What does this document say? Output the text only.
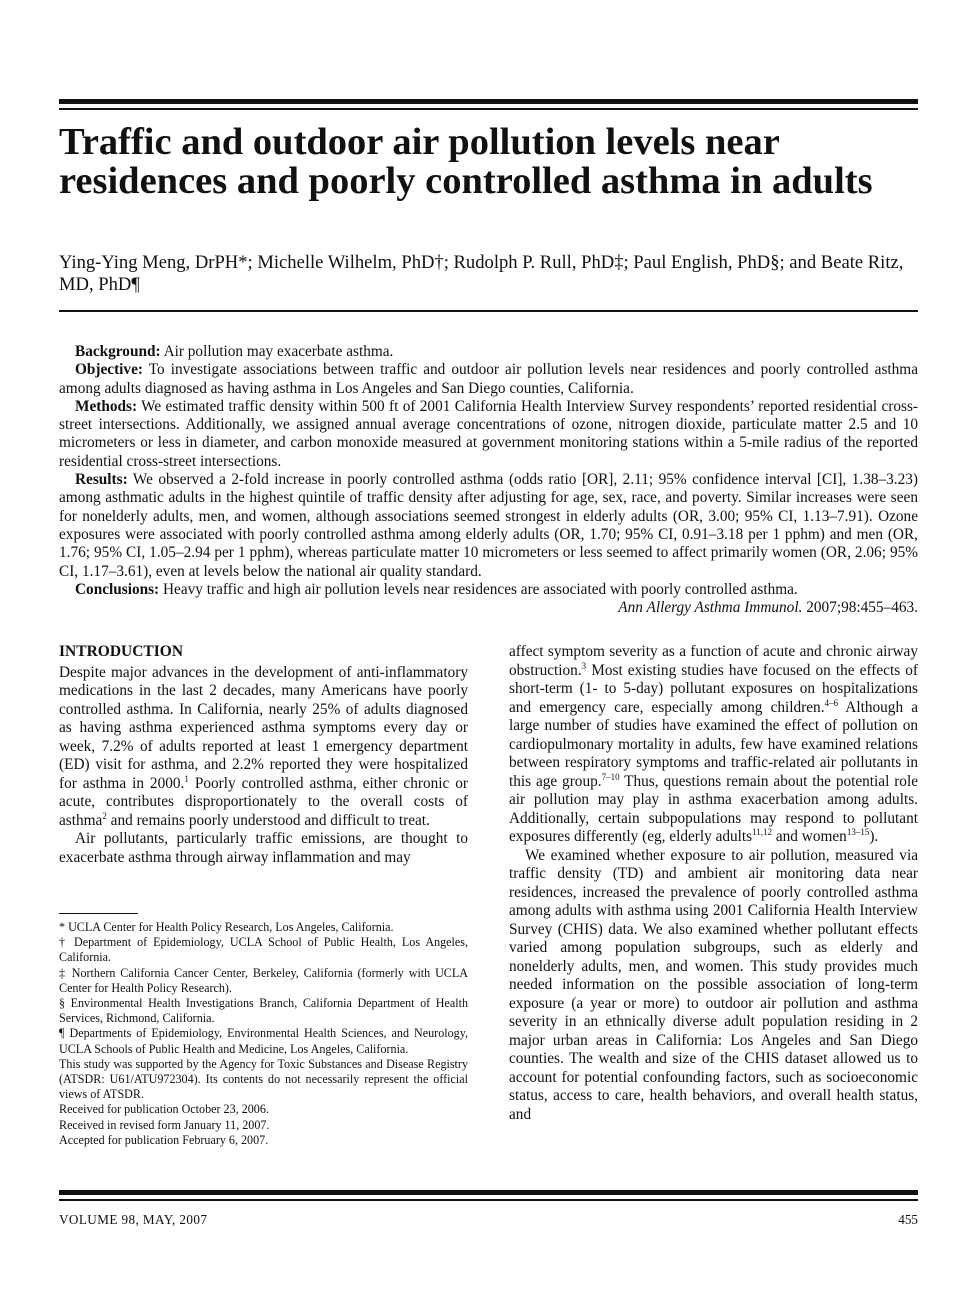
Traffic and outdoor air pollution levels near residences and poorly controlled asthma in adults
Ying-Ying Meng, DrPH*; Michelle Wilhelm, PhD†; Rudolph P. Rull, PhD‡; Paul English, PhD§; and Beate Ritz, MD, PhD¶

Background: Air pollution may exacerbate asthma.

Objective: To investigate associations between traffic and outdoor air pollution levels near residences and poorly controlled asthma among adults diagnosed as having asthma in Los Angeles and San Diego counties, California.

Methods: We estimated traffic density within 500 ft of 2001 California Health Interview Survey respondents’ reported residential cross-street intersections. Additionally, we assigned annual average concentrations of ozone, nitrogen dioxide, particulate matter 2.5 and 10 micrometers or less in diameter, and carbon monoxide measured at government monitoring stations within a 5-mile radius of the reported residential cross-street intersections.

Results: We observed a 2-fold increase in poorly controlled asthma (odds ratio [OR], 2.11; 95% confidence interval [CI], 1.38–3.23) among asthmatic adults in the highest quintile of traffic density after adjusting for age, sex, race, and poverty. Similar increases were seen for nonelderly adults, men, and women, although associations seemed strongest in elderly adults (OR, 3.00; 95% CI, 1.13–7.91). Ozone exposures were associated with poorly controlled asthma among elderly adults (OR, 1.70; 95% CI, 0.91–3.18 per 1 pphm) and men (OR, 1.76; 95% CI, 1.05–2.94 per 1 pphm), whereas particulate matter 10 micrometers or less seemed to affect primarily women (OR, 2.06; 95% CI, 1.17–3.61), even at levels below the national air quality standard.

Conclusions: Heavy traffic and high air pollution levels near residences are associated with poorly controlled asthma.

Ann Allergy Asthma Immunol. 2007;98:455–463.

INTRODUCTION

Despite major advances in the development of anti-inflammatory medications in the last 2 decades, many Americans have poorly controlled asthma. In California, nearly 25% of adults diagnosed as having asthma experienced asthma symptoms every day or week, 7.2% of adults reported at least 1 emergency department (ED) visit for asthma, and 2.2% reported they were hospitalized for asthma in 2000.$^1$ Poorly controlled asthma, either chronic or acute, contributes disproportionately to the overall costs of asthma$^2$ and remains poorly understood and difficult to treat.

Air pollutants, particularly traffic emissions, are thought to exacerbate asthma through airway inflammation and may

* UCLA Center for Health Policy Research, Los Angeles, California.

† Department of Epidemiology, UCLA School of Public Health, Los Angeles, California.

‡ Northern California Cancer Center, Berkeley, California (formerly with UCLA Center for Health Policy Research).

§ Environmental Health Investigations Branch, California Department of Health Services, Richmond, California.

¶ Departments of Epidemiology, Environmental Health Sciences, and Neurology, UCLA Schools of Public Health and Medicine, Los Angeles, California.

This study was supported by the Agency for Toxic Substances and Disease Registry (ATSDR: U61/ATU972304). Its contents do not necessarily represent the official views of ATSDR.

Received for publication October 23, 2006.

Received in revised form January 11, 2007.

Accepted for publication February 6, 2007.

affect symptom severity as a function of acute and chronic airway obstruction.$^3$ Most existing studies have focused on the effects of short-term (1- to 5-day) pollutant exposures on hospitalizations and emergency care, especially among children.$^{4-6}$ Although a large number of studies have examined the effect of pollution on cardiopulmonary mortality in adults, few have examined relations between respiratory symptoms and traffic-related air pollutants in this age group.$^{7-10}$ Thus, questions remain about the potential role air pollution may play in asthma exacerbation among adults. Additionally, certain subpopulations may respond to pollutant exposures differently (eg, elderly adults$^{11,12}$ and women$^{13-15}$).

We examined whether exposure to air pollution, measured via traffic density (TD) and ambient air monitoring data near residences, increased the prevalence of poorly controlled asthma among adults with asthma using 2001 California Health Interview Survey (CHIS) data. We also examined whether pollutant effects varied among population subgroups, such as elderly and nonelderly adults, men, and women. This study provides much needed information on the possible association of long-term exposure (a year or more) to outdoor air pollution and asthma severity in an ethnically diverse adult population residing in 2 major urban areas in California: Los Angeles and San Diego counties. The wealth and size of the CHIS dataset allowed us to account for potential confounding factors, such as socioeconomic status, access to care, health behaviors, and overall health status, and

VOLUME 98, MAY, 2007	455
